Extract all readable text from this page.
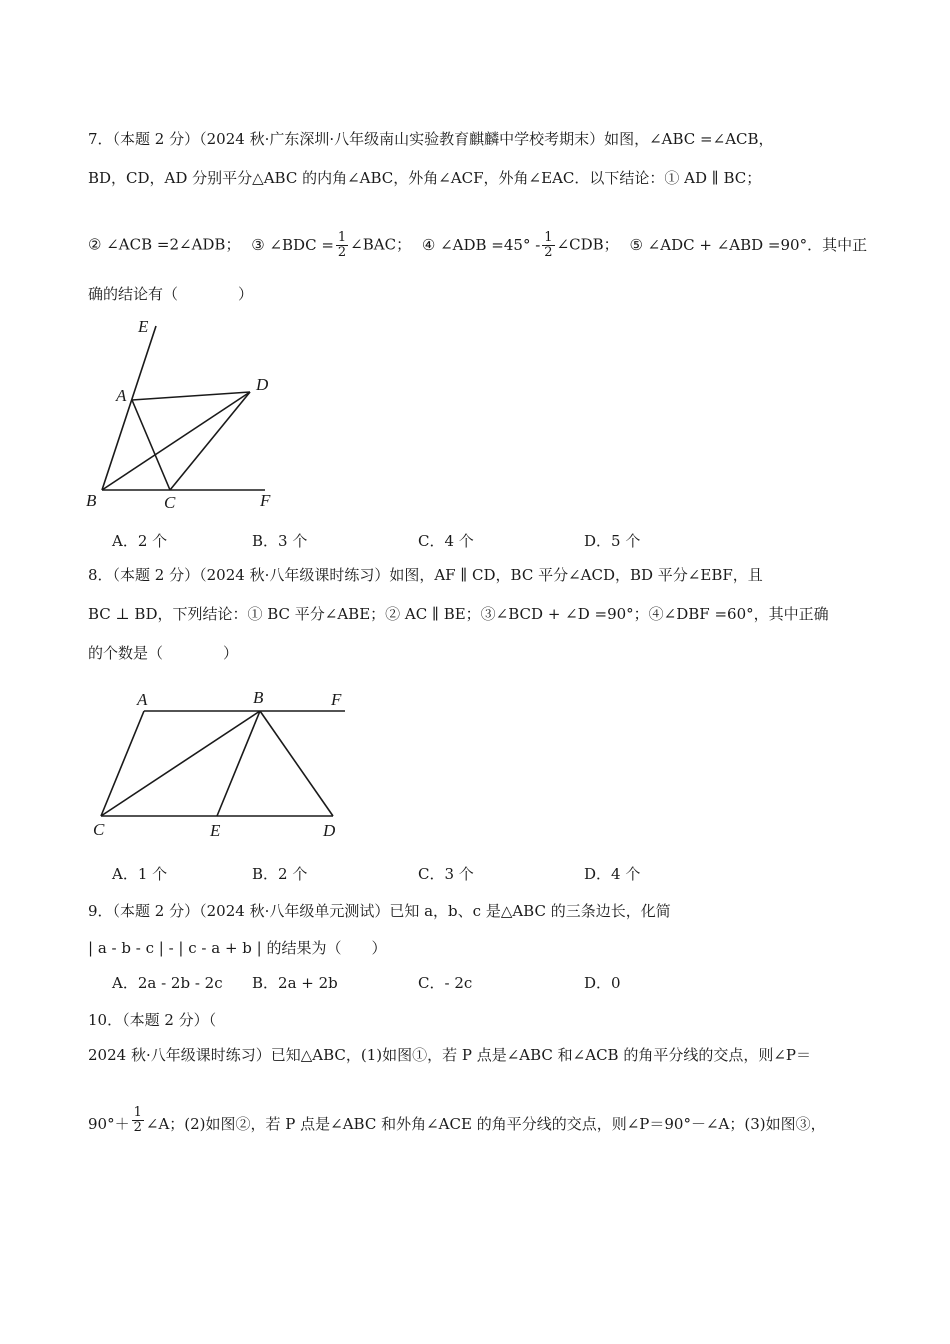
7．（本题 2 分）（2024 秋·广东深圳·八年级南山实验教育麒麟中学校考期末）如图，∠ABC =∠ACB，
BD，CD，AD 分别平分△ABC 的内角∠ABC，外角∠ACF，外角∠EAC．以下结论：① AD ∥ BC；
② ∠ACB =2∠ADB； ③ ∠BDC = $\frac{1}{2}$ ∠BAC； ④ ∠ADB $=45^\circ - \frac{1}{2}$ ∠CDB； ⑤ ∠ADC + ∠ABD =90°．其中正
确的结论有（　　　　）
E
A
D
B	C	F
A．2 个	B．3 个	C．4 个	D．5 个
8．（本题 2 分）（2024 秋·八年级课时练习）如图，AF ∥ CD，BC 平分∠ACD，BD 平分∠EBF，且
BC ⊥ BD，下列结论：① BC 平分∠ABE；② AC ∥ BE；③∠BCD + ∠D =90°；④∠DBF =60°，其中正确
的个数是（　　　　）
A	B	F
C	E	D
A．1 个	B．2 个	C．3 个	D．4 个
9．（本题 2 分）（2024 秋·八年级单元测试）已知 a，b、c 是△ABC 的三条边长，化简
| a - b - c | - | c - a + b | 的结果为（　　）
A．2a - 2b - 2c B．2a + 2b	C．- 2c	D．0
10．（本题 2 分）（
2024 秋·八年级课时练习）已知△ABC，(1)如图①，若 P 点是∠ABC 和∠ACB 的角平分线的交点，则∠P＝
$90^\circ+ \frac{1}{2}$ ∠A；(2)如图②，若 P 点是∠ABC 和外角∠ACE 的角平分线的交点，则∠P＝90°－∠A；(3)如图③，
